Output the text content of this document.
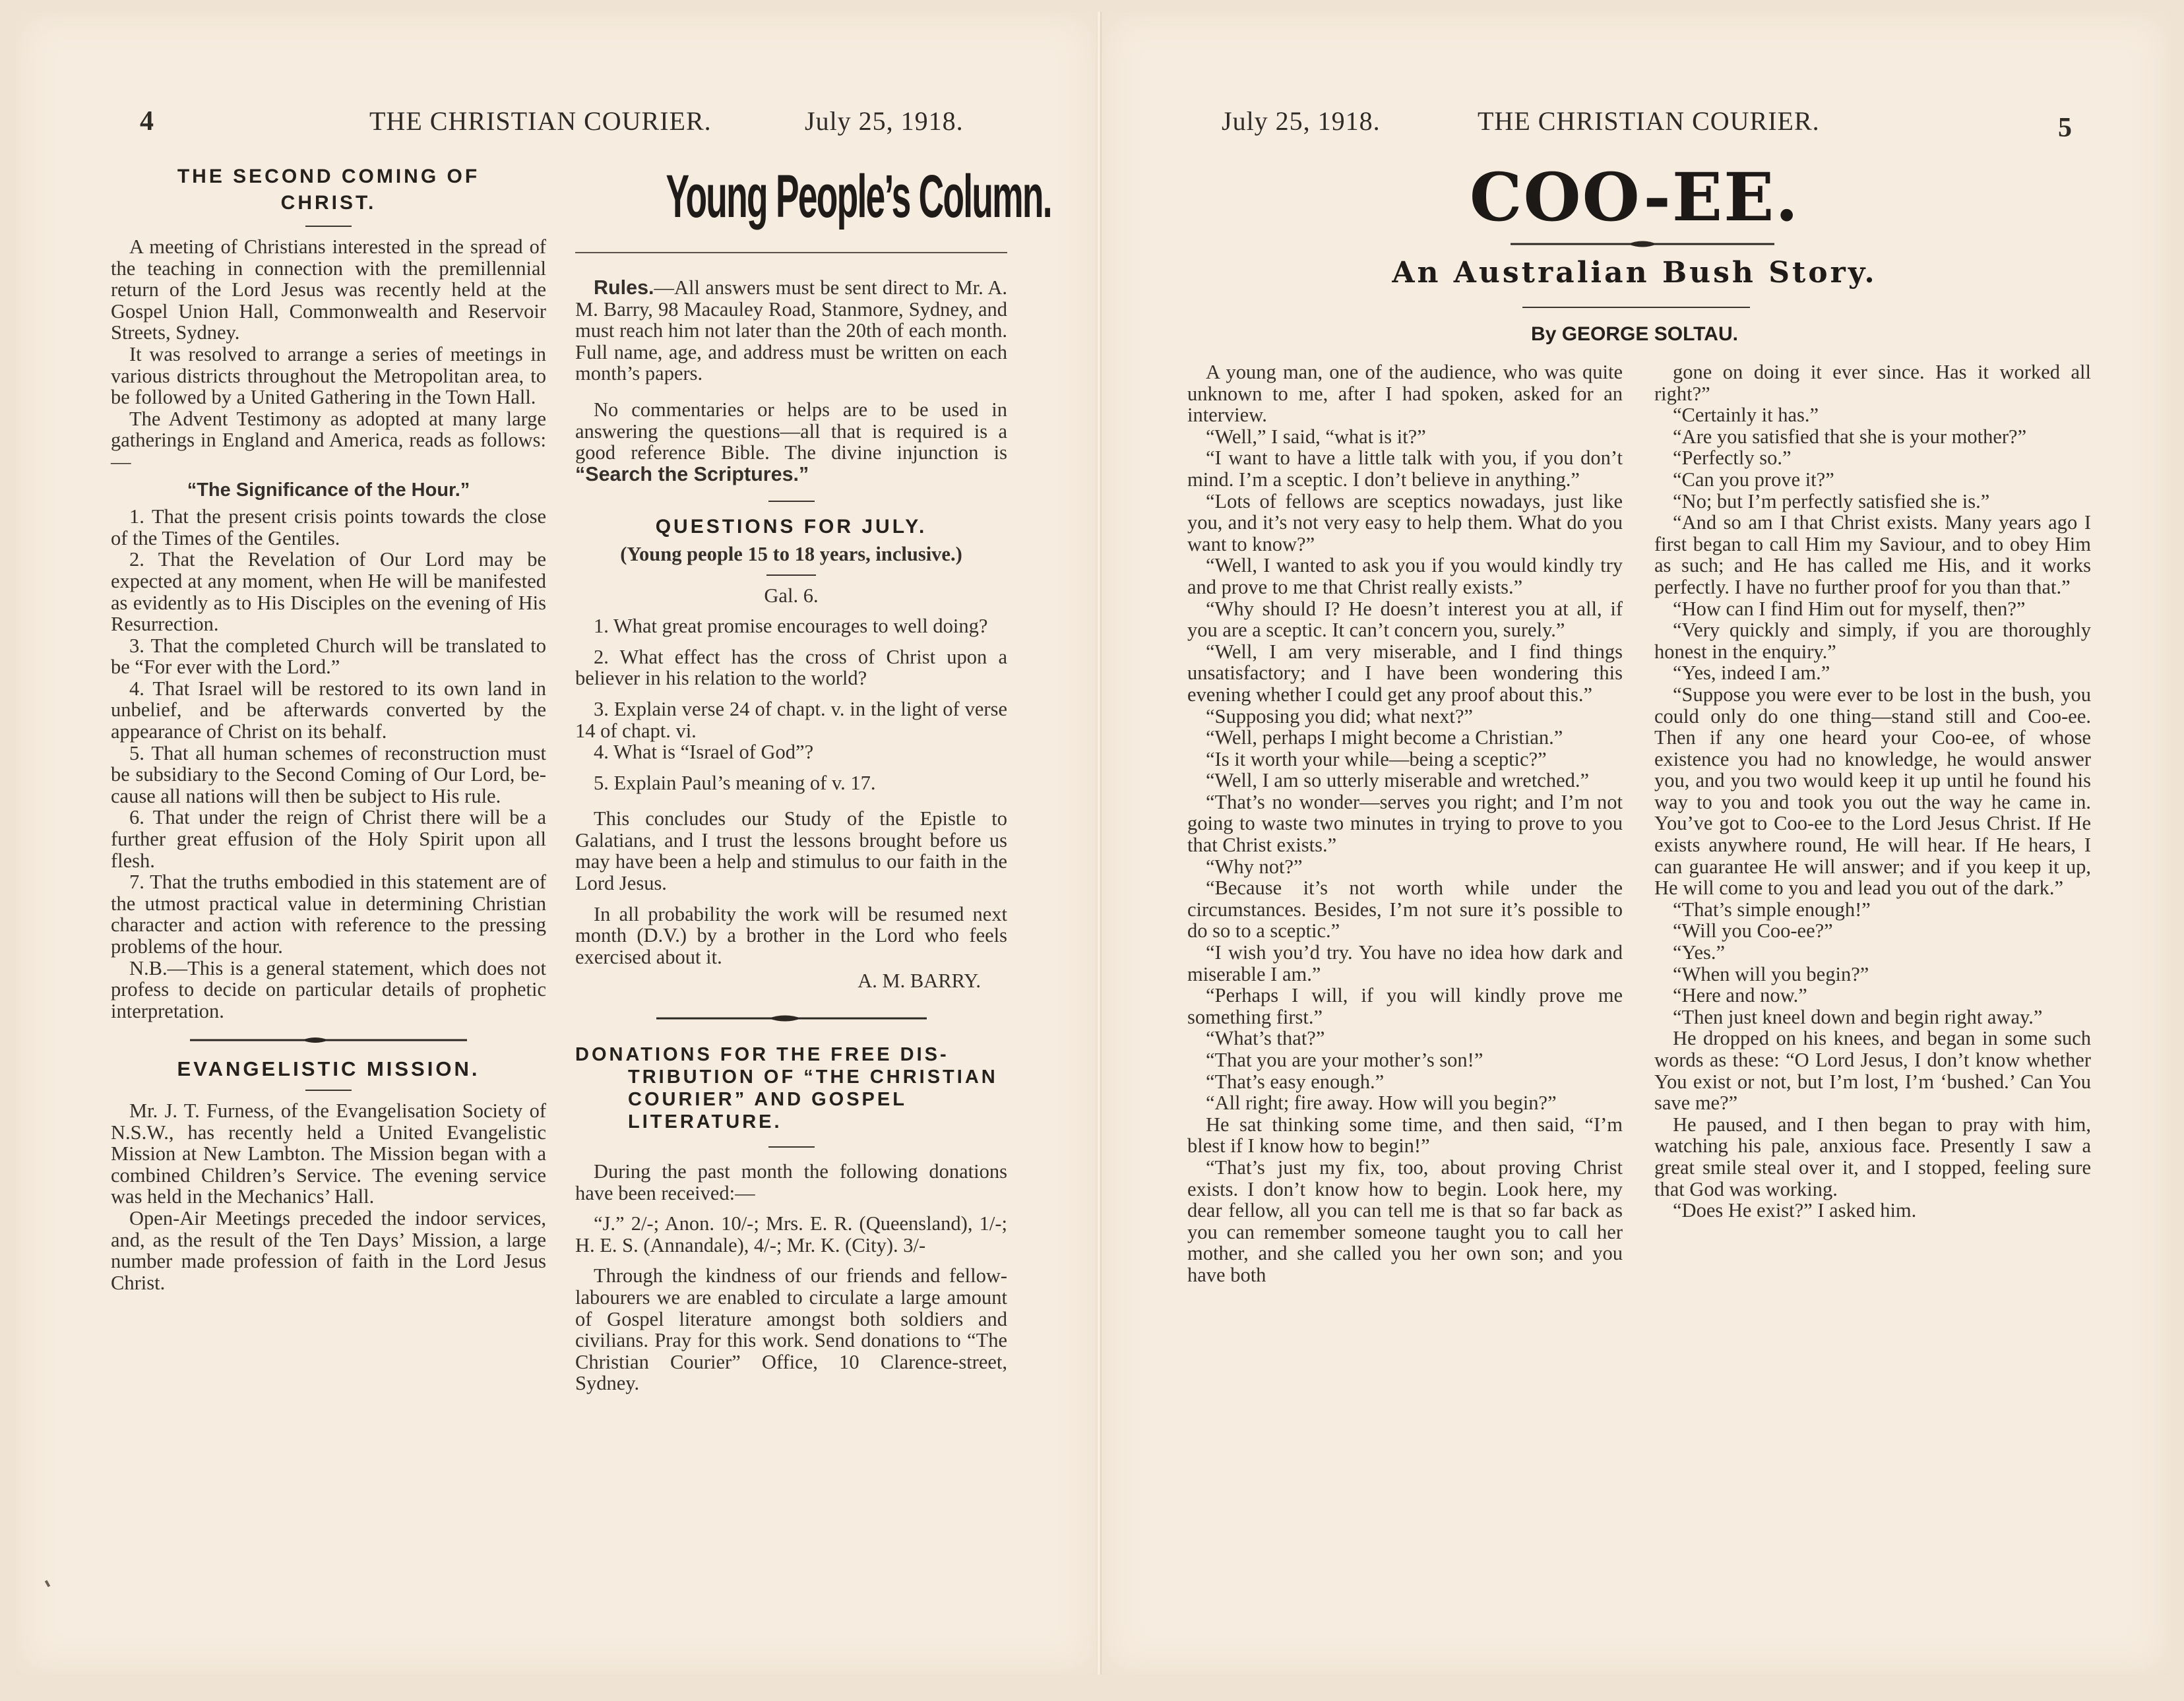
4	THE CHRISTIAN COURIER.	July 25, 1918.	July 25, 1918.	THE CHRISTIAN COURIER.	5
THE SECOND COMING OF
CHRIST.

A meeting of Christians interested in the spread of the teaching in connection with the premillennial return of the Lord Jesus was recently held at the Gospel Union Hall, Commonwealth and Reservoir Streets, Sydney.

It was resolved to arrange a series of meetings in various districts throughout the Metropolitan area, to be followed by a United Gathering in the Town Hall.

The Advent Testimony as adopted at many large gatherings in England and America, reads as follows:—

“The Significance of the Hour.”

1. That the present crisis points towards the close of the Times of the Gentiles.

2. That the Revelation of Our Lord may be expected at any moment, when He will be manifested as evidently as to His Disciples on the evening of His Resurrection.

3. That the completed Church will be translated to be “For ever with the Lord.”

4. That Israel will be restored to its own land in unbelief, and be afterwards converted by the appearance of Christ on its behalf.

5. That all human schemes of reconstruction must be subsidiary to the Second Coming of Our Lord, because all nations will then be subject to His rule.

6. That under the reign of Christ there will be a further great effusion of the Holy Spirit upon all flesh.

7. That the truths embodied in this statement are of the utmost practical value in determining Christian character and action with reference to the pressing problems of the hour.

N.B.—This is a general statement, which does not profess to decide on particular details of prophetic interpretation.

EVANGELISTIC MISSION.

Mr. J. T. Furness, of the Evangelisation Society of N.S.W., has recently held a United Evangelistic Mission at New Lambton. The Mission began with a combined Children’s Service. The evening service was held in the Mechanics’ Hall.

Open-Air Meetings preceded the indoor services, and, as the result of the Ten Days’ Mission, a large number made profession of faith in the Lord Jesus Christ.

Young People’s Column.

Rules.—All answers must be sent direct to Mr. A. M. Barry, 98 Macauley Road, Stanmore, Sydney, and must reach him not later than the 20th of each month. Full name, age, and address must be written on each month’s papers.

No commentaries or helps are to be used in answering the questions—all that is required is a good reference Bible. The divine injunction is “Search the Scriptures.”

QUESTIONS FOR JULY.

(Young people 15 to 18 years, inclusive.)

Gal. 6.

1. What great promise encourages to well doing?

2. What effect has the cross of Christ upon a believer in his relation to the world?

3. Explain verse 24 of chapt. v. in the light of verse 14 of chapt. vi.

4. What is “Israel of God”?

5. Explain Paul’s meaning of v. 17.

This concludes our Study of the Epistle to Galatians, and I trust the lessons brought before us may have been a help and stimulus to our faith in the Lord Jesus.

In all probability the work will be resumed next month (D.V.) by a brother in the Lord who feels exercised about it.

A. M. BARRY.

DONATIONS FOR THE FREE DISTRIBUTION OF “THE CHRISTIAN COURIER” AND GOSPEL LITERATURE.

During the past month the following donations have been received:—

“J.” 2/-; Anon. 10/-; Mrs. E. R. (Queensland), 1/-; H. E. S. (Annandale), 4/-; Mr. K. (City). 3/-

Through the kindness of our friends and fellow-labourers we are enabled to circulate a large amount of Gospel literature amongst both soldiers and civilians. Pray for this work. Send donations to “The Christian Courier” Office, 10 Clarence-street, Sydney.

COO-EE.
An Australian Bush Story.
By GEORGE SOLTAU.

A young man, one of the audience, who was quite unknown to me, after I had spoken, asked for an interview.

“Well,” I said, “what is it?”

“I want to have a little talk with you, if you don’t mind. I’m a sceptic. I don’t believe in anything.”

“Lots of fellows are sceptics nowadays, just like you, and it’s not very easy to help them. What do you want to know?”

“Well, I wanted to ask you if you would kindly try and prove to me that Christ really exists.”

“Why should I? He doesn’t interest you at all, if you are a sceptic. It can’t concern you, surely.”

“Well, I am very miserable, and I find things unsatisfactory; and I have been wondering this evening whether I could get any proof about this.”

“Supposing you did; what next?”

“Well, perhaps I might become a Christian.”

“Is it worth your while—being a sceptic?”

“Well, I am so utterly miserable and wretched.”

“That’s no wonder—serves you right; and I’m not going to waste two minutes in trying to prove to you that Christ exists.”

“Why not?”

“Because it’s not worth while under the circumstances. Besides, I’m not sure it’s possible to do so to a sceptic.”

“I wish you’d try. You have no idea how dark and miserable I am.”

“Perhaps I will, if you will kindly prove me something first.”

“What’s that?”

“That you are your mother’s son!”

“That’s easy enough.”

“All right; fire away. How will you begin?”

He sat thinking some time, and then said, “I’m blest if I know how to begin!”

“That’s just my fix, too, about proving Christ exists. I don’t know how to begin. Look here, my dear fellow, all you can tell me is that so far back as you can remember someone taught you to call her mother, and she called you her own son; and you have both

gone on doing it ever since. Has it worked all right?”

“Certainly it has.”

“Are you satisfied that she is your mother?”

“Perfectly so.”

“Can you prove it?”

“No; but I’m perfectly satisfied she is.”

“And so am I that Christ exists. Many years ago I first began to call Him my Saviour, and to obey Him as such; and He has called me His, and it works perfectly. I have no further proof for you than that.”

“How can I find Him out for myself, then?”

“Very quickly and simply, if you are thoroughly honest in the enquiry.”

“Yes, indeed I am.”

“Suppose you were ever to be lost in the bush, you could only do one thing—stand still and Coo-ee. Then if any one heard your Coo-ee, of whose existence you had no knowledge, he would answer you, and you two would keep it up until he found his way to you and took you out the way he came in. You’ve got to Coo-ee to the Lord Jesus Christ. If He exists anywhere round, He will hear. If He hears, I can guarantee He will answer; and if you keep it up, He will come to you and lead you out of the dark.”

“That’s simple enough!”

“Will you Coo-ee?”

“Yes.”

“When will you begin?”

“Here and now.”

“Then just kneel down and begin right away.”

He dropped on his knees, and began in some such words as these: “O Lord Jesus, I don’t know whether You exist or not, but I’m lost, I’m ‘bushed.’ Can You save me?”

He paused, and I then began to pray with him, watching his pale, anxious face. Presently I saw a great smile steal over it, and I stopped, feeling sure that God was working.

“Does He exist?” I asked him.
